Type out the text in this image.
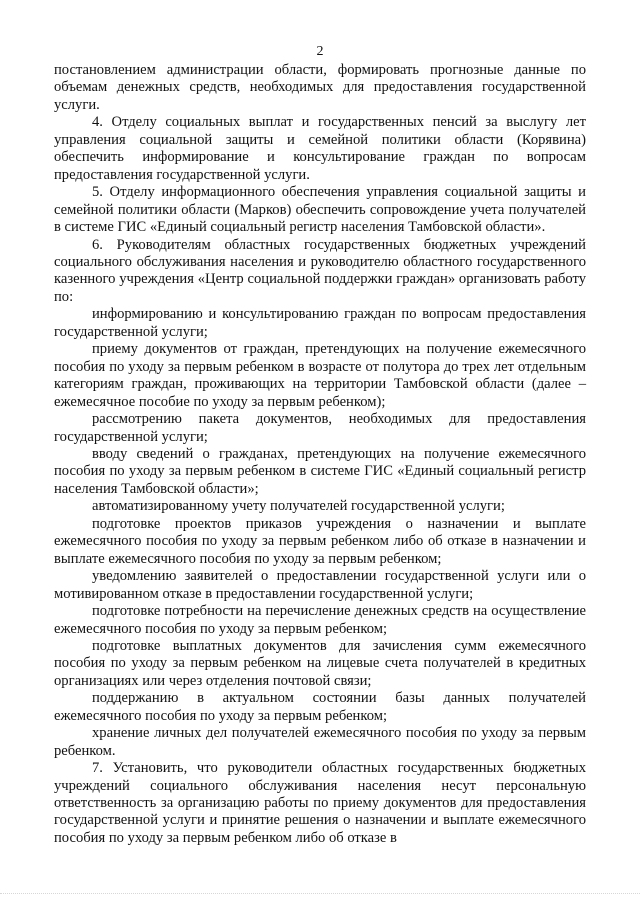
2

постановлением администрации области, формировать прогнозные данные по объемам денежных средств, необходимых для предоставления государственной услуги.

4. Отделу социальных выплат и государственных пенсий за выслугу лет управления социальной защиты и семейной политики области (Корявина) обеспечить информирование и консультирование граждан по вопросам предоставления государственной услуги.

5. Отделу информационного обеспечения управления социальной защиты и семейной политики области (Марков) обеспечить сопровождение учета получателей в системе ГИС «Единый социальный регистр населения Тамбовской области».

6. Руководителям областных государственных бюджетных учреждений социального обслуживания населения и руководителю областного государственного казенного учреждения «Центр социальной поддержки граждан» организовать работу по:

информированию и консультированию граждан по вопросам предоставления государственной услуги;

приему документов от граждан, претендующих на получение ежемесячного пособия по уходу за первым ребенком в возрасте от полутора до трех лет отдельным категориям граждан, проживающих на территории Тамбовской области (далее – ежемесячное пособие по уходу за первым ребенком);

рассмотрению пакета документов, необходимых для предоставления государственной услуги;

вводу сведений о гражданах, претендующих на получение ежемесячного пособия по уходу за первым ребенком в системе ГИС «Единый социальный регистр населения Тамбовской области»;

автоматизированному учету получателей государственной услуги;

подготовке проектов приказов учреждения о назначении и выплате ежемесячного пособия по уходу за первым ребенком либо об отказе в назначении и выплате ежемесячного пособия по уходу за первым ребенком;

уведомлению заявителей о предоставлении государственной услуги или о мотивированном отказе в предоставлении государственной услуги;

подготовке потребности на перечисление денежных средств на осуществление ежемесячного пособия по уходу за первым ребенком;

подготовке выплатных документов для зачисления сумм ежемесячного пособия по уходу за первым ребенком на лицевые счета получателей в кредитных организациях или через отделения почтовой связи;

поддержанию в актуальном состоянии базы данных получателей ежемесячного пособия по уходу за первым ребенком;

хранение личных дел получателей ежемесячного пособия по уходу за первым ребенком.

7. Установить, что руководители областных государственных бюджетных учреждений социального обслуживания населения несут персональную ответственность за организацию работы по приему документов для предоставления государственной услуги и принятие решения о назначении и выплате ежемесячного пособия по уходу за первым ребенком либо об отказе в
